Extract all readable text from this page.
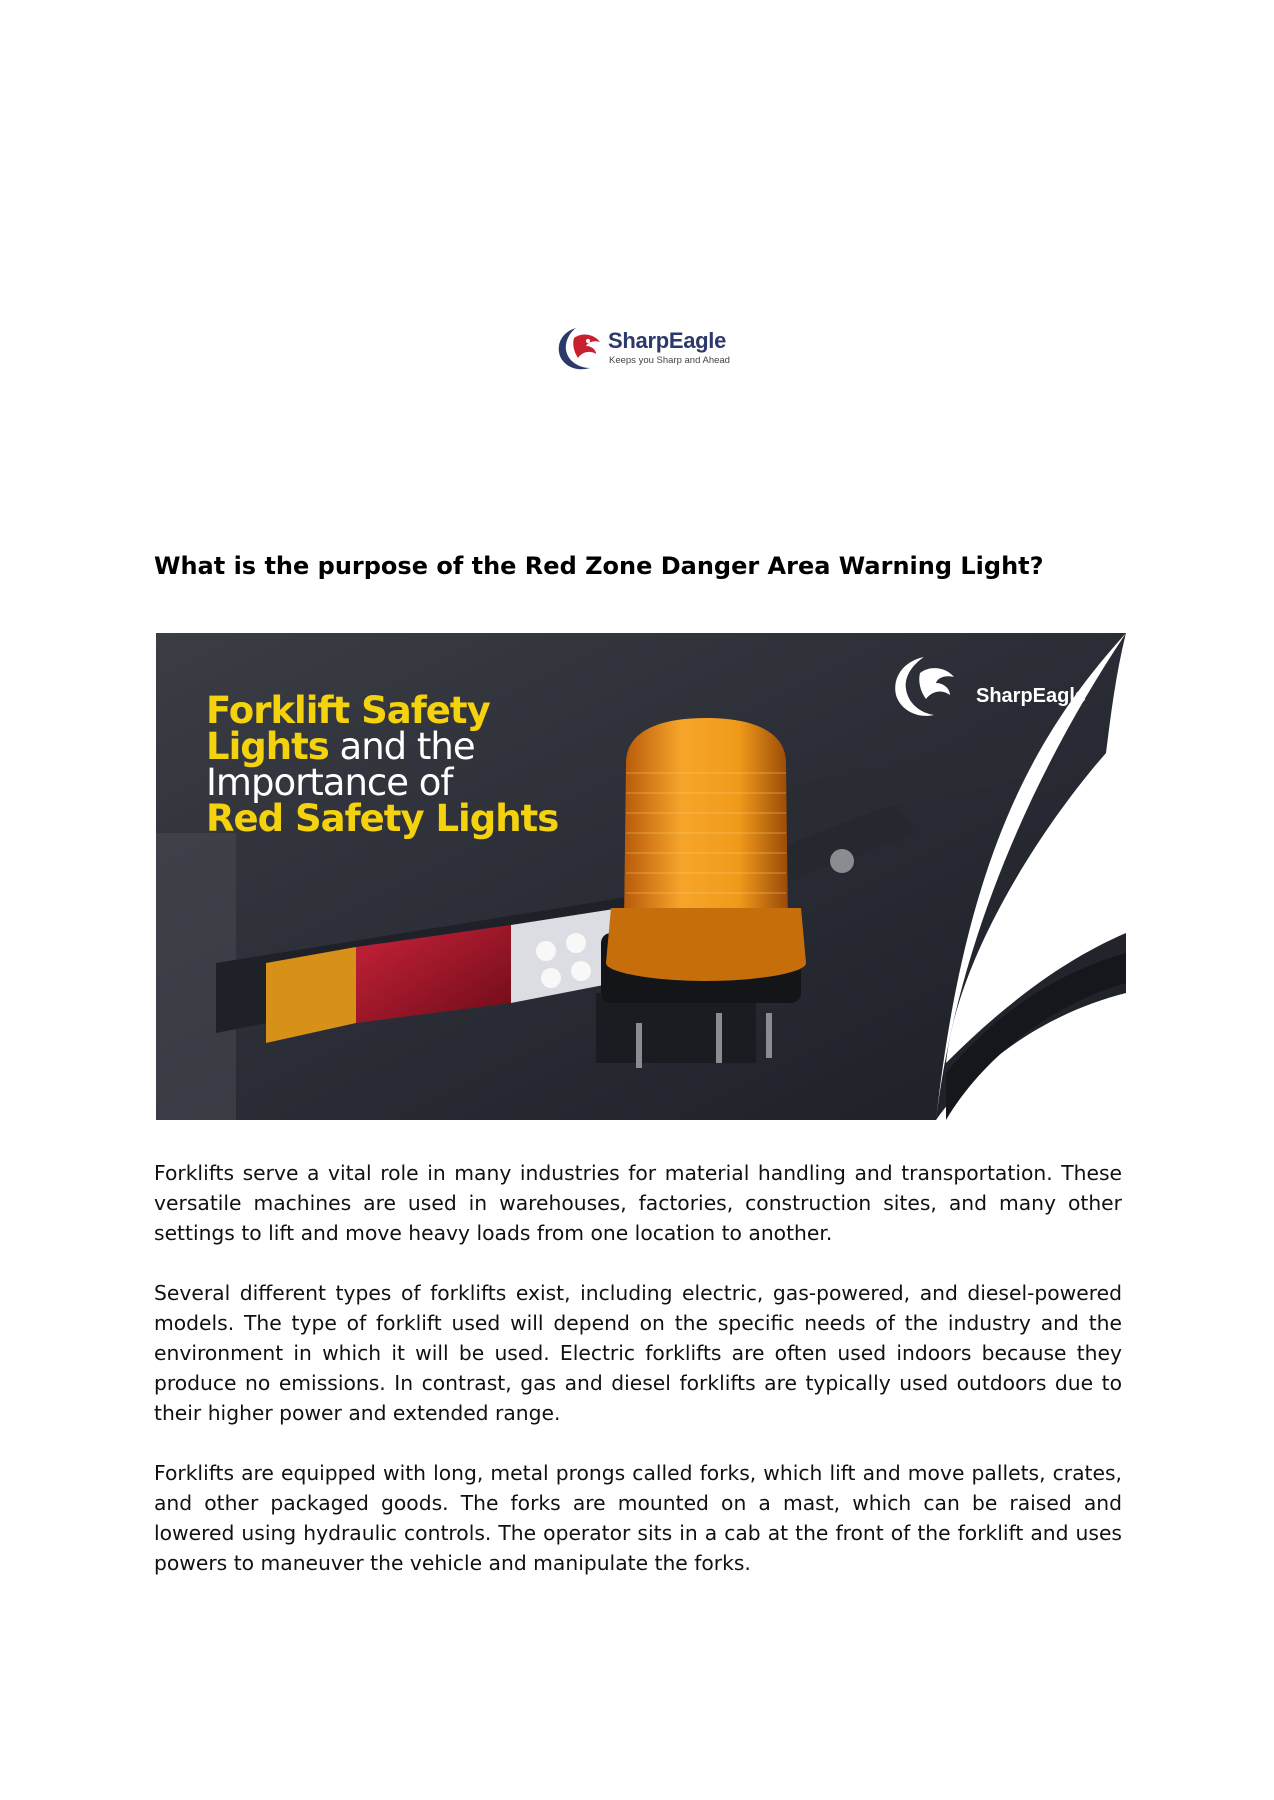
SharpEagle
Keeps you Sharp and Ahead
What is the purpose of the Red Zone Danger Area Warning Light?
Forklift Safety
Lights and the
Importance of
Red Safety Lights
SharpEagle

Forklifts serve a vital role in many industries for material handling and transportation. These versatile machines are used in warehouses, factories, construction sites, and many other settings to lift and move heavy loads from one location to another.

Several different types of forklifts exist, including electric, gas-powered, and diesel-powered models. The type of forklift used will depend on the specific needs of the industry and the environment in which it will be used. Electric forklifts are often used indoors because they produce no emissions. In contrast, gas and diesel forklifts are typically used outdoors due to their higher power and extended range.

Forklifts are equipped with long, metal prongs called forks, which lift and move pallets, crates, and other packaged goods. The forks are mounted on a mast, which can be raised and lowered using hydraulic controls. The operator sits in a cab at the front of the forklift and uses powers to maneuver the vehicle and manipulate the forks.
